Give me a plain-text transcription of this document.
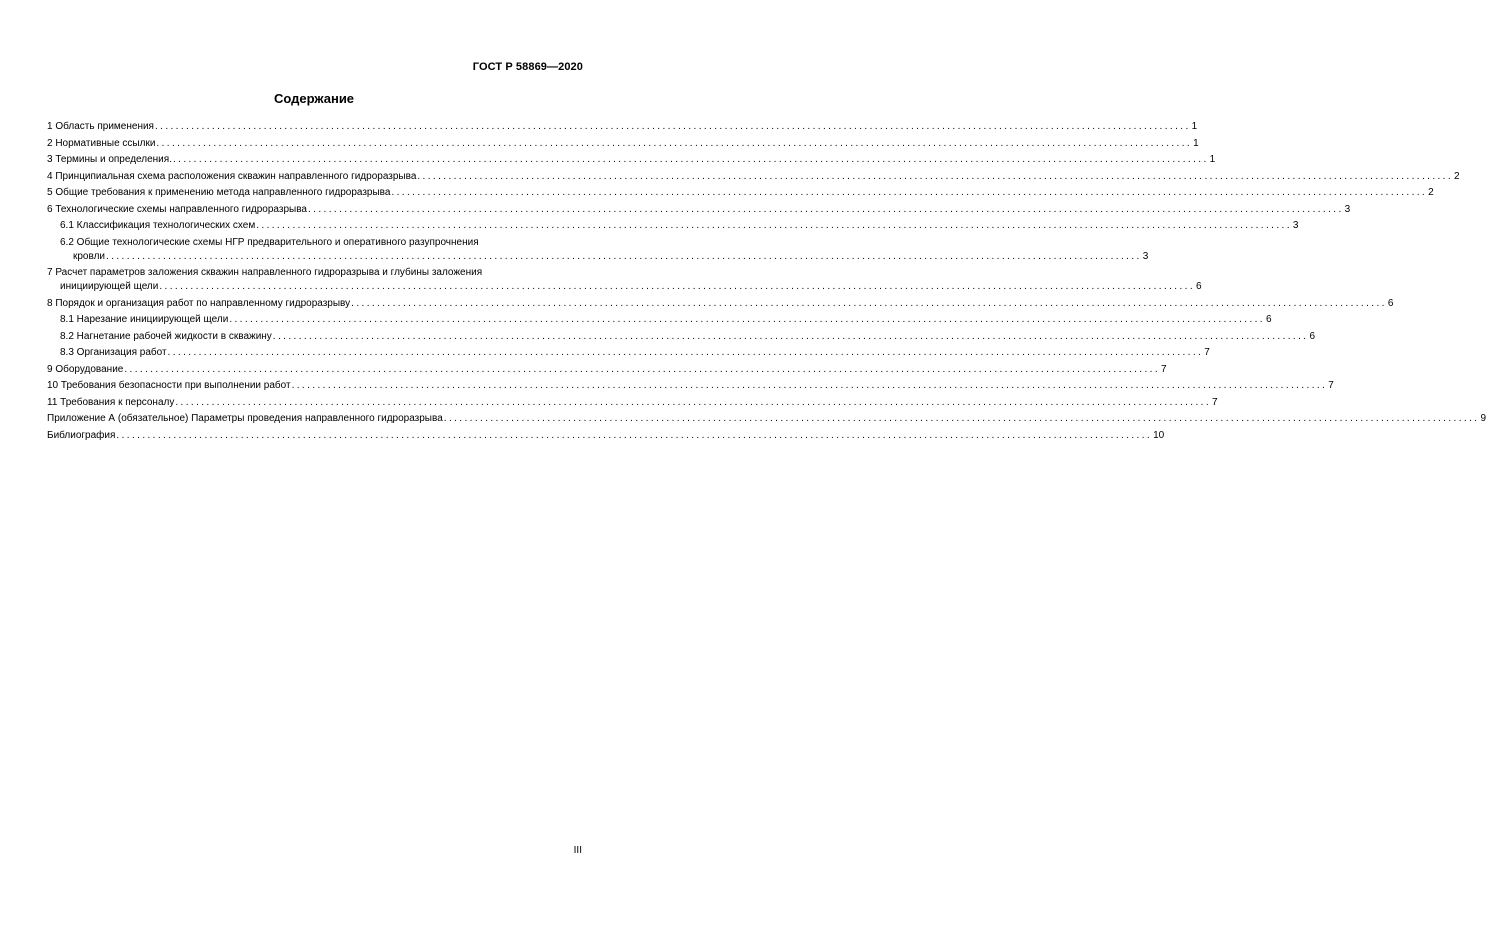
ГОСТ Р 58869—2020
Содержание
1 Область применения ........................................................................................................................................................................................................ 1
2 Нормативные ссылки ........................................................................................................................................................................................................ 1
3 Термины и определения. ........................................................................................................................................................................................................ 1
4 Принципиальная схема расположения скважин направленного гидроразрыва ........................................................................................................................................................................................................ 2
5 Общие требования к применению метода направленного гидроразрыва ........................................................................................................................................................................................................ 2
6 Технологические схемы направленного гидроразрыва ........................................................................................................................................................................................................ 3
6.1 Классификация технологических схем ........................................................................................................................................................................................................ 3
6.2 Общие технологические схемы НГР предварительного и оперативного разупрочнения
кровли ........................................................................................................................................................................................................ 3
7 Расчет параметров заложения скважин направленного гидроразрыва и глубины заложения
инициирующей щели ........................................................................................................................................................................................................ 6
8 Порядок и организация работ по направленному гидроразрыву ........................................................................................................................................................................................................ 6
8.1 Нарезание инициирующей щели ........................................................................................................................................................................................................ 6
8.2 Нагнетание рабочей жидкости в скважину ........................................................................................................................................................................................................ 6
8.3 Организация работ ........................................................................................................................................................................................................ 7
9 Оборудование ........................................................................................................................................................................................................ 7
10 Требования безопасности при выполнении работ ........................................................................................................................................................................................................ 7
11 Требования к персоналу ........................................................................................................................................................................................................ 7
Приложение А (обязательное) Параметры проведения направленного гидроразрыва ........................................................................................................................................................................................................ 9
Библиография ........................................................................................................................................................................................................ 10
III
